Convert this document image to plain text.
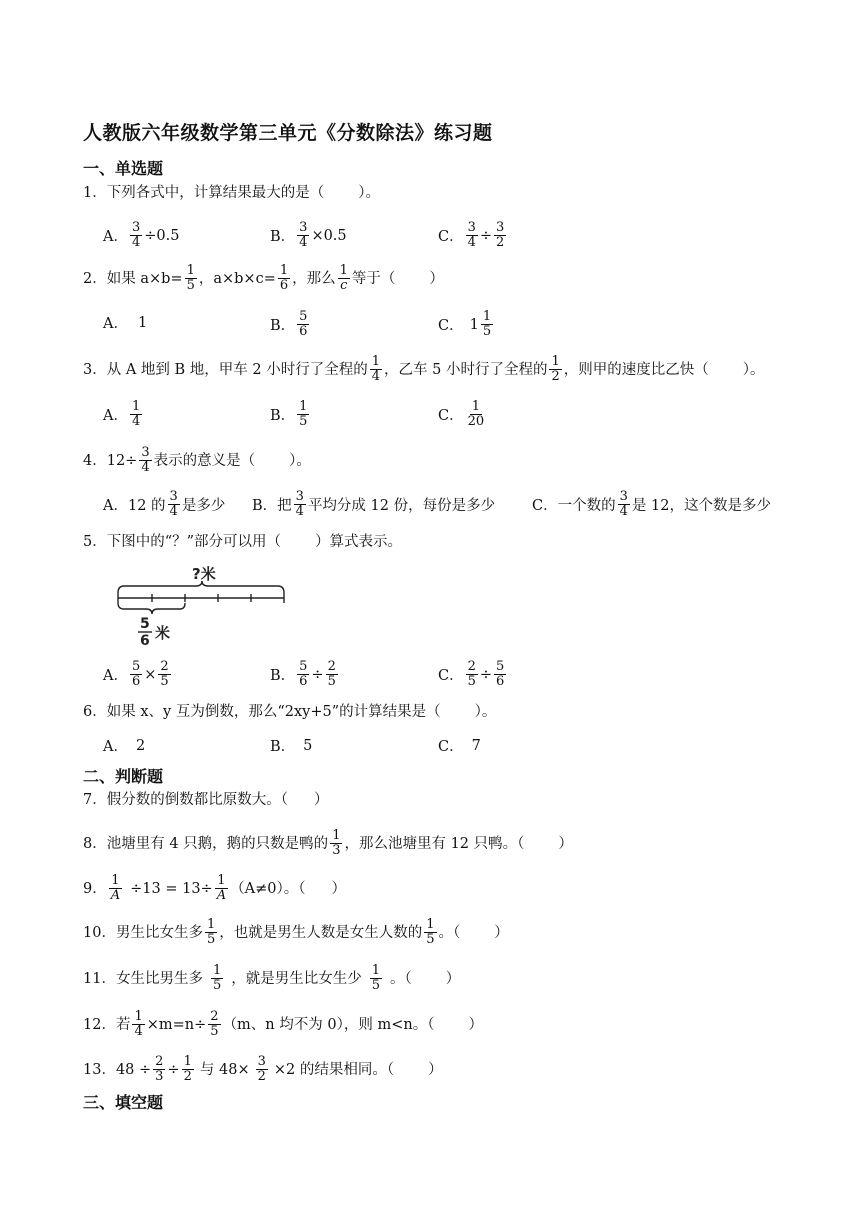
人教版六年级数学第三单元《分数除法》练习题
一、单选题
1． 下列各式中，计算结果最大的是（ ）。
A． $\frac{3}{4} \div 0.5$	B． $\frac{3}{4} \times 0.5$	C． $\frac{3}{4} \div \frac{3}{2}$
2． 如果 $a\times b= \frac{1}{5}$ ，$a\times b\times c= \frac{1}{6}$ ，那么 $\frac{1}{c}$ 等于（ ）
A． 1	B． $\frac{5}{6}$	C． $1 \frac{1}{5}$
3． 从 A 地到 B 地，甲车 2 小时行了全程的 $\frac{1}{4}$ ，乙车 5 小时行了全程的 $\frac{1}{2}$ ，则甲的速度比乙快（ ）。
A． $\frac{1}{4}$	B． $\frac{1}{5}$	C． $\frac{1}{20}$
4． $12\div \frac{3}{4}$ 表示的意义是（ ）。
A． 12 的 $\frac{3}{4}$ 是多少 B． 把 $\frac{3}{4}$ 平均分成 12 份，每份是多少	C． 一个数的 $\frac{3}{4}$ 是 12，这个数是多少
5． 下图中的“？”部分可以用（ ）算式表示。
?米
5
6 米
A． $\frac{5}{6} \times \frac{2}{5}$	B． $\frac{5}{6} \div \frac{2}{5}$	C． $\frac{2}{5} \div \frac{5}{6}$
6． 如果 x、y 互为倒数，那么“2xy+5”的计算结果是（ ）。
A． 2	B． 5	C． 7
二、判断题
7． 假分数的倒数都比原数大。（ ）
8． 池塘里有 4 只鹅，鹅的只数是鸭的 $\frac{1}{3}$ ，那么池塘里有 12 只鸭。（ ）
9． $\frac{1}{A} \div 13 = 13\div \frac{1}{A} (A\ne 0)$。（ ）
10． 男生比女生多 $\frac{1}{5}$ ，也就是男生人数是女生人数的 $\frac{1}{5}$ 。（ ）
11． 女生比男生多 $\frac{1}{5}$ ，就是男生比女生少 $\frac{1}{5}$ 。（ ）
12． 若 $\frac{1}{4} \times m=n\div \frac{2}{5} (m$、n 均不为 0），则 m<n。（ ）
13． $48 \div \frac{2}{3} \div \frac{1}{2}$ 与 $48\times \frac{3}{2} \times 2$ 的结果相同。（ ）
三、填空题
